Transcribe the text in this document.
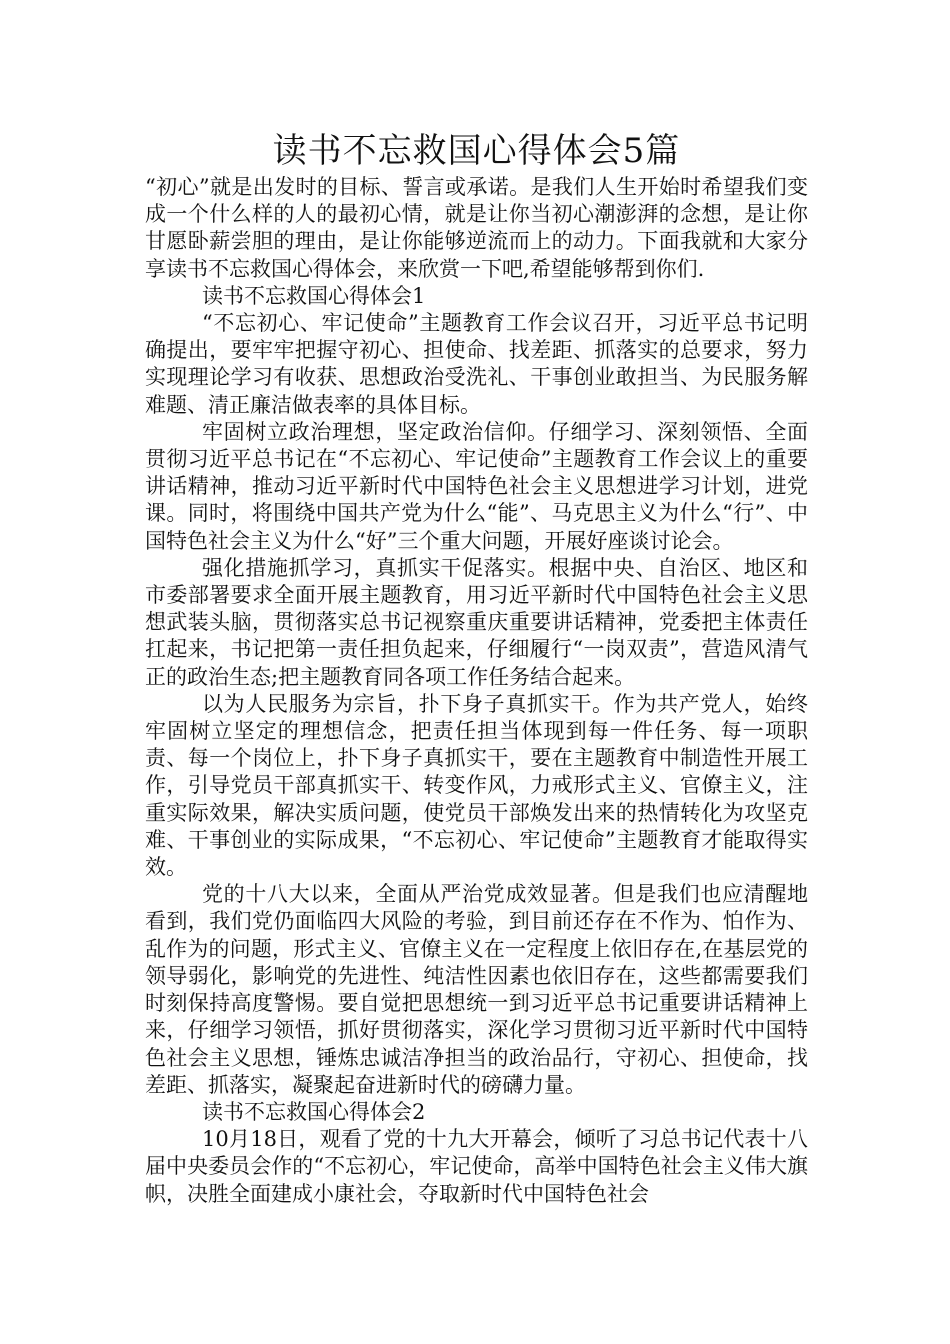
读书不忘救国心得体会5篇

“初心”就是出发时的目标、誓言或承诺。是我们人生开始时希望我们变成一个什么样的人的最初心情，就是让你当初心潮澎湃的念想，是让你甘愿卧薪尝胆的理由，是让你能够逆流而上的动力。下面我就和大家分享读书不忘救国心得体会，来欣赏一下吧,希望能够帮到你们.

读书不忘救国心得体会1

“不忘初心、牢记使命”主题教育工作会议召开，习近平总书记明确提出，要牢牢把握守初心、担使命、找差距、抓落实的总要求，努力实现理论学习有收获、思想政治受洗礼、干事创业敢担当、为民服务解难题、清正廉洁做表率的具体目标。

牢固树立政治理想，坚定政治信仰。仔细学习、深刻领悟、全面贯彻习近平总书记在“不忘初心、牢记使命”主题教育工作会议上的重要讲话精神，推动习近平新时代中国特色社会主义思想进学习计划，进党课。同时，将围绕中国共产党为什么“能”、马克思主义为什么“行”、中国特色社会主义为什么“好”三个重大问题，开展好座谈讨论会。

强化措施抓学习，真抓实干促落实。根据中央、自治区、地区和市委部署要求全面开展主题教育，用习近平新时代中国特色社会主义思想武装头脑，贯彻落实总书记视察重庆重要讲话精神，党委把主体责任扛起来，书记把第一责任担负起来，仔细履行“一岗双责”，营造风清气正的政治生态;把主题教育同各项工作任务结合起来。

以为人民服务为宗旨，扑下身子真抓实干。作为共产党人，始终牢固树立坚定的理想信念，把责任担当体现到每一件任务、每一项职责、每一个岗位上，扑下身子真抓实干，要在主题教育中制造性开展工作，引导党员干部真抓实干、转变作风，力戒形式主义、官僚主义，注重实际效果，解决实质问题，使党员干部焕发出来的热情转化为攻坚克难、干事创业的实际成果，“不忘初心、牢记使命”主题教育才能取得实效。

党的十八大以来，全面从严治党成效显著。但是我们也应清醒地看到，我们党仍面临四大风险的考验，到目前还存在不作为、怕作为、乱作为的问题，形式主义、官僚主义在一定程度上依旧存在,在基层党的领导弱化，影响党的先进性、纯洁性因素也依旧存在，这些都需要我们时刻保持高度警惕。要自觉把思想统一到习近平总书记重要讲话精神上来，仔细学习领悟，抓好贯彻落实，深化学习贯彻习近平新时代中国特色社会主义思想，锤炼忠诚洁净担当的政治品行，守初心、担使命，找差距、抓落实，凝聚起奋进新时代的磅礴力量。

读书不忘救国心得体会2

10月18日，观看了党的十九大开幕会，倾听了习总书记代表十八届中央委员会作的“不忘初心，牢记使命，高举中国特色社会主义伟大旗帜，决胜全面建成小康社会，夺取新时代中国特色社会
